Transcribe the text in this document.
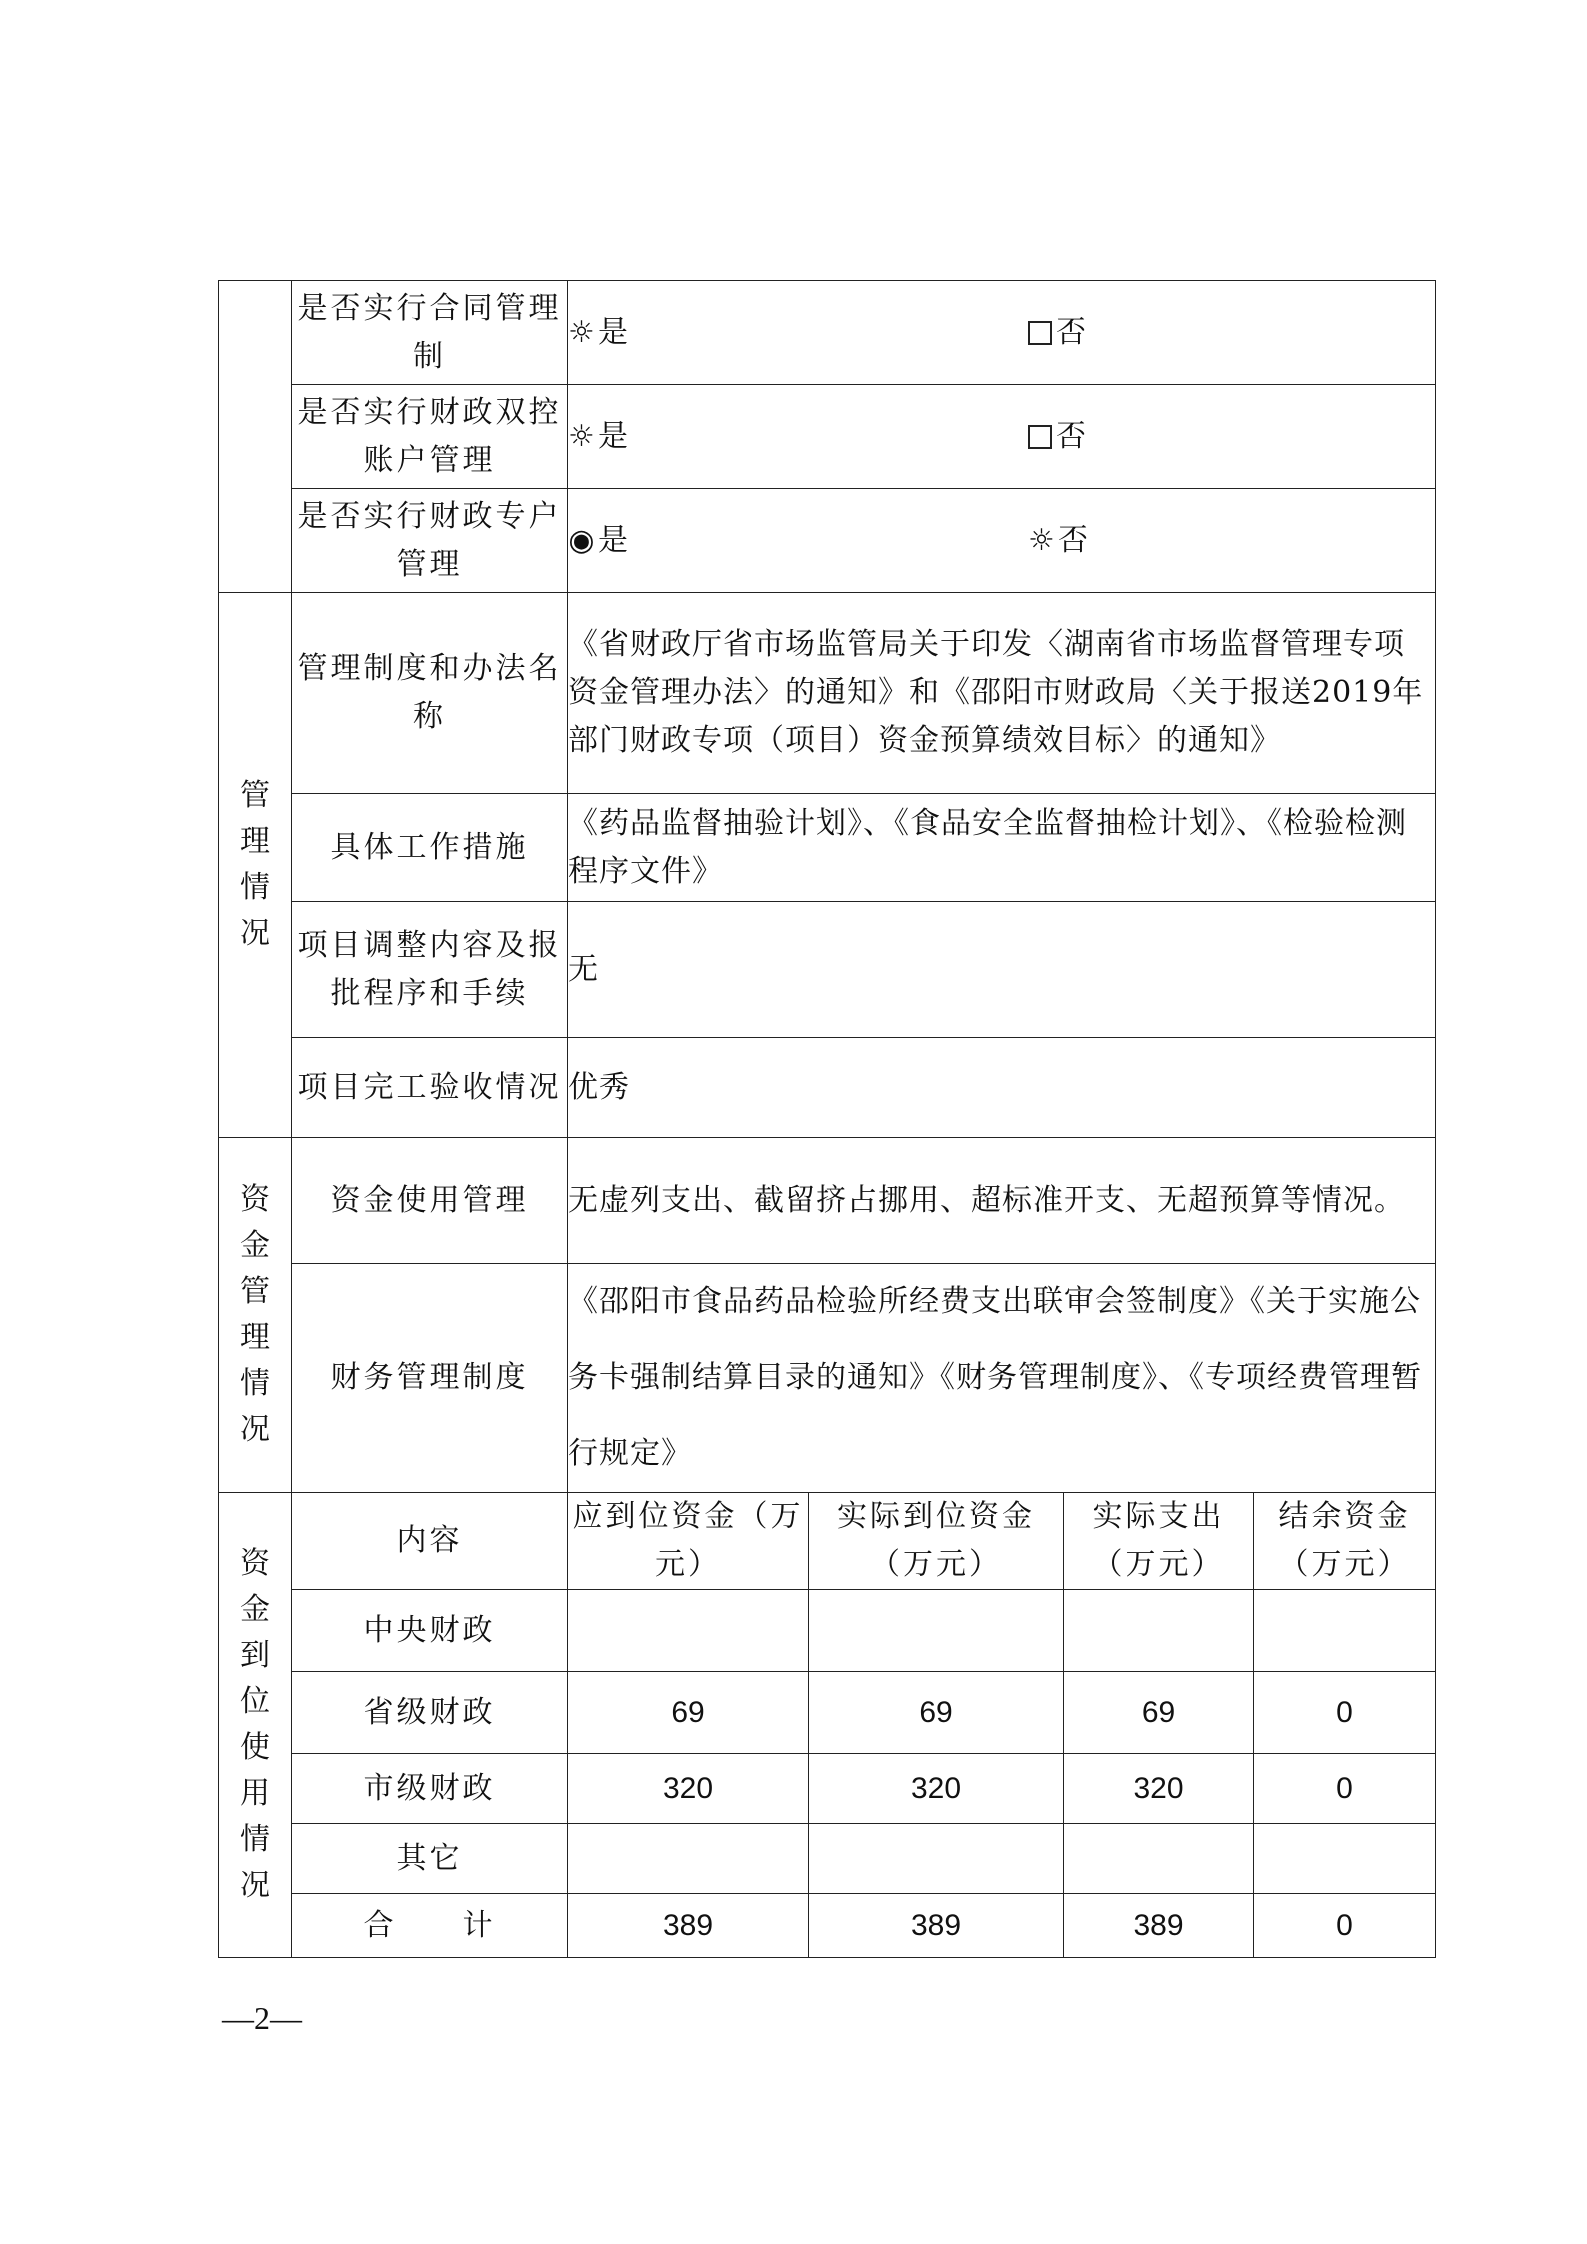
	是否实行合同管理制	☼ 是 否			

	是否实行财政双控账户管理	☼ 是 否			

	是否实行财政专户管理	◉ 是 ☼ 否			

管理情况	管理制度和办法名称	《省财政厅省市场监管局关于印发〈湖南省市场监督管理专项资金管理办法〉的通知》和《邵阳市财政局〈关于报送2019年部门财政专项（项目）资金预算绩效目标〉的通知》			
	具体工作措施	《药品监督抽验计划》、《食品安全监督抽检计划》、《检验检测程序文件》			
	项目调整内容及报批程序和手续	无			
	项目完工验收情况	优秀			

资金管理情况	资金使用管理	无虚列支出、截留挤占挪用、超标准开支、无超预算等情况。			
	财务管理制度	《邵阳市食品药品检验所经费支出联审会签制度》《关于实施公务卡强制结算目录的通知》《财务管理制度》、《专项经费管理暂行规定》			

资金到位使用情况	内容	应到位资金（万元）	实际到位资金（万元）	实际支出（万元）	结余资金（万元）
	中央财政				
	省级财政	69	69	69	0
	市级财政	320	320	320	0
	其它				
	合　　计	389	389	389	0
—2—
